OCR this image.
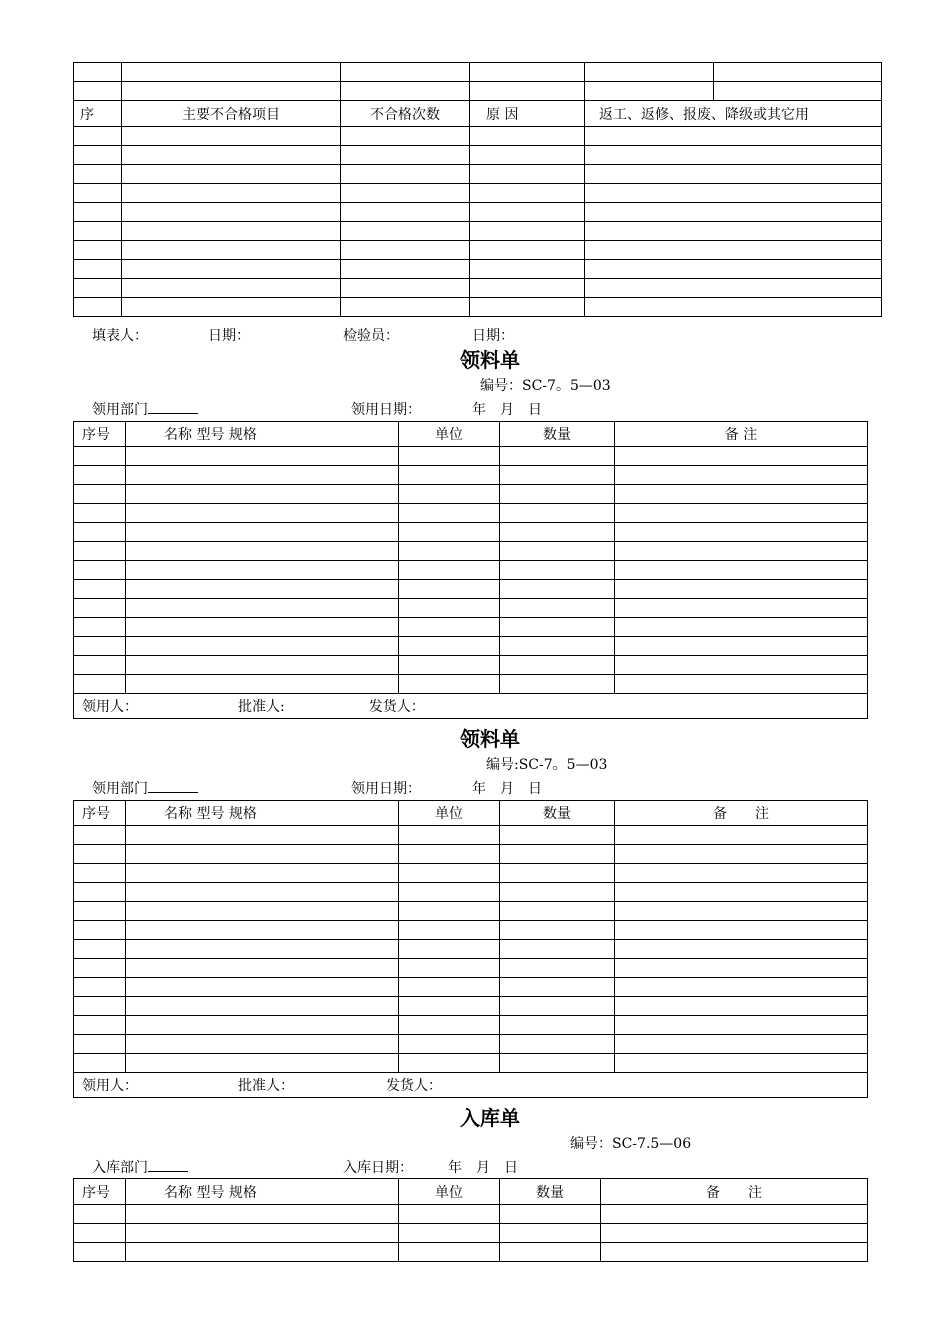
序	主要不合格项目	不合格次数	原 因	返工、返修、报废、降级或其它用	

填表人：	日期：	检验员：	日期：
领料单
编号：SC-7。5—03
领用部门	领用日期：	年　月　日
序号	名称 型号 规格	单位	数量	备 注

领用人： 批准人: 发货人：				
领料单
编号:SC-7。5—03
领用部门	领用日期：	年　月　日
序号	名称 型号 规格	单位	数量	备　　注

领用人： 批准人： 发货人：				
入库单
编号：SC-7.5—06
入库部门	入库日期：	年　月　日
序号	名称 型号 规格	单位	数量	备　　注
